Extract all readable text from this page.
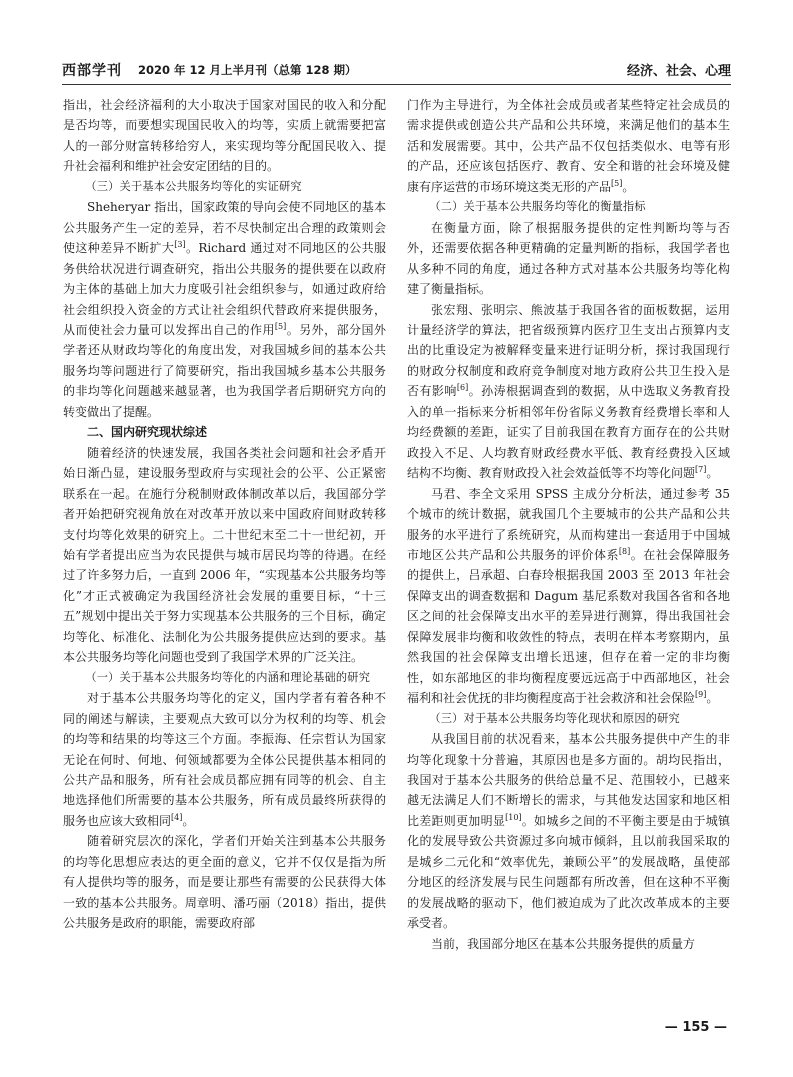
西部学刊 2020 年 12 月上半月刊（总第 128 期）	经济、社会、心理

指出，社会经济福利的大小取决于国家对国民的收入和分配是否均等，而要想实现国民收入的均等，实质上就需要把富人的一部分财富转移给穷人，来实现均等分配国民收入、提升社会福利和维护社会安定团结的目的。

（三）关于基本公共服务均等化的实证研究

Sheheryar 指出，国家政策的导向会使不同地区的基本公共服务产生一定的差异，若不尽快制定出合理的政策则会使这种差异不断扩大[3]。Richard 通过对不同地区的公共服务供给状况进行调查研究，指出公共服务的提供要在以政府为主体的基础上加大力度吸引社会组织参与，如通过政府给社会组织投入资金的方式让社会组织代替政府来提供服务，从而使社会力量可以发挥出自己的作用[5]。另外，部分国外学者还从财政均等化的角度出发，对我国城乡间的基本公共服务均等问题进行了简要研究，指出我国城乡基本公共服务的非均等化问题越来越显著，也为我国学者后期研究方向的转变做出了提醒。

二、国内研究现状综述

随着经济的快速发展，我国各类社会问题和社会矛盾开始日渐凸显，建设服务型政府与实现社会的公平、公正紧密联系在一起。在施行分税制财政体制改革以后，我国部分学者开始把研究视角放在对改革开放以来中国政府间财政转移支付均等化效果的研究上。二十世纪末至二十一世纪初，开始有学者提出应当为农民提供与城市居民均等的待遇。在经过了许多努力后，一直到 2006 年，“实现基本公共服务均等化”才正式被确定为我国经济社会发展的重要目标，“十三五”规划中提出关于努力实现基本公共服务的三个目标，确定均等化、标准化、法制化为公共服务提供应达到的要求。基本公共服务均等化问题也受到了我国学术界的广泛关注。

（一）关于基本公共服务均等化的内涵和理论基础的研究

对于基本公共服务均等化的定义，国内学者有着各种不同的阐述与解读，主要观点大致可以分为权利的均等、机会的均等和结果的均等这三个方面。李振海、任宗哲认为国家无论在何时、何地、何领域都要为全体公民提供基本相同的公共产品和服务，所有社会成员都应拥有同等的机会、自主地选择他们所需要的基本公共服务，所有成员最终所获得的服务也应该大致相同[4]。

随着研究层次的深化，学者们开始关注到基本公共服务的均等化思想应表达的更全面的意义，它并不仅仅是指为所有人提供均等的服务，而是要让那些有需要的公民获得大体一致的基本公共服务。周章明、潘巧丽（2018）指出，提供公共服务是政府的职能，需要政府部

门作为主导进行，为全体社会成员或者某些特定社会成员的需求提供或创造公共产品和公共环境，来满足他们的基本生活和发展需要。其中，公共产品不仅包括类似水、电等有形的产品，还应该包括医疗、教育、安全和谐的社会环境及健康有序运营的市场环境这类无形的产品[5]。

（二）关于基本公共服务均等化的衡量指标

在衡量方面，除了根据服务提供的定性判断均等与否外，还需要依据各种更精确的定量判断的指标，我国学者也从多种不同的角度，通过各种方式对基本公共服务均等化构建了衡量指标。

张宏翔、张明宗、熊波基于我国各省的面板数据，运用计量经济学的算法，把省级预算内医疗卫生支出占预算内支出的比重设定为被解释变量来进行证明分析，探讨我国现行的财政分权制度和政府竞争制度对地方政府公共卫生投入是否有影响[6]。孙涛根据调查到的数据，从中选取义务教育投入的单一指标来分析相邻年份省际义务教育经费增长率和人均经费额的差距，证实了目前我国在教育方面存在的公共财政投入不足、人均教育财政经费水平低、教育经费投入区域结构不均衡、教育财政投入社会效益低等不均等化问题[7]。

马君、李全文采用 SPSS 主成分分析法，通过参考 35 个城市的统计数据，就我国几个主要城市的公共产品和公共服务的水平进行了系统研究，从而构建出一套适用于中国城市地区公共产品和公共服务的评价体系[8]。在社会保障服务的提供上，吕承超、白春玲根据我国 2003 至 2013 年社会保障支出的调查数据和 Dagum 基尼系数对我国各省和各地区之间的社会保障支出水平的差异进行测算，得出我国社会保障发展非均衡和收敛性的特点，表明在样本考察期内，虽然我国的社会保障支出增长迅速，但存在着一定的非均衡性，如东部地区的非均衡程度要远远高于中西部地区，社会福利和社会优抚的非均衡程度高于社会救济和社会保险[9]。

（三）对于基本公共服务均等化现状和原因的研究

从我国目前的状况看来，基本公共服务提供中产生的非均等化现象十分普遍，其原因也是多方面的。胡均民指出，我国对于基本公共服务的供给总量不足、范围较小，已越来越无法满足人们不断增长的需求，与其他发达国家和地区相比差距则更加明显[10]。如城乡之间的不平衡主要是由于城镇化的发展导致公共资源过多向城市倾斜，且以前我国采取的是城乡二元化和“效率优先，兼顾公平”的发展战略，虽使部分地区的经济发展与民生问题都有所改善，但在这种不平衡的发展战略的驱动下，他们被迫成为了此次改革成本的主要承受者。

当前，我国部分地区在基本公共服务提供的质量方

— 155 —
